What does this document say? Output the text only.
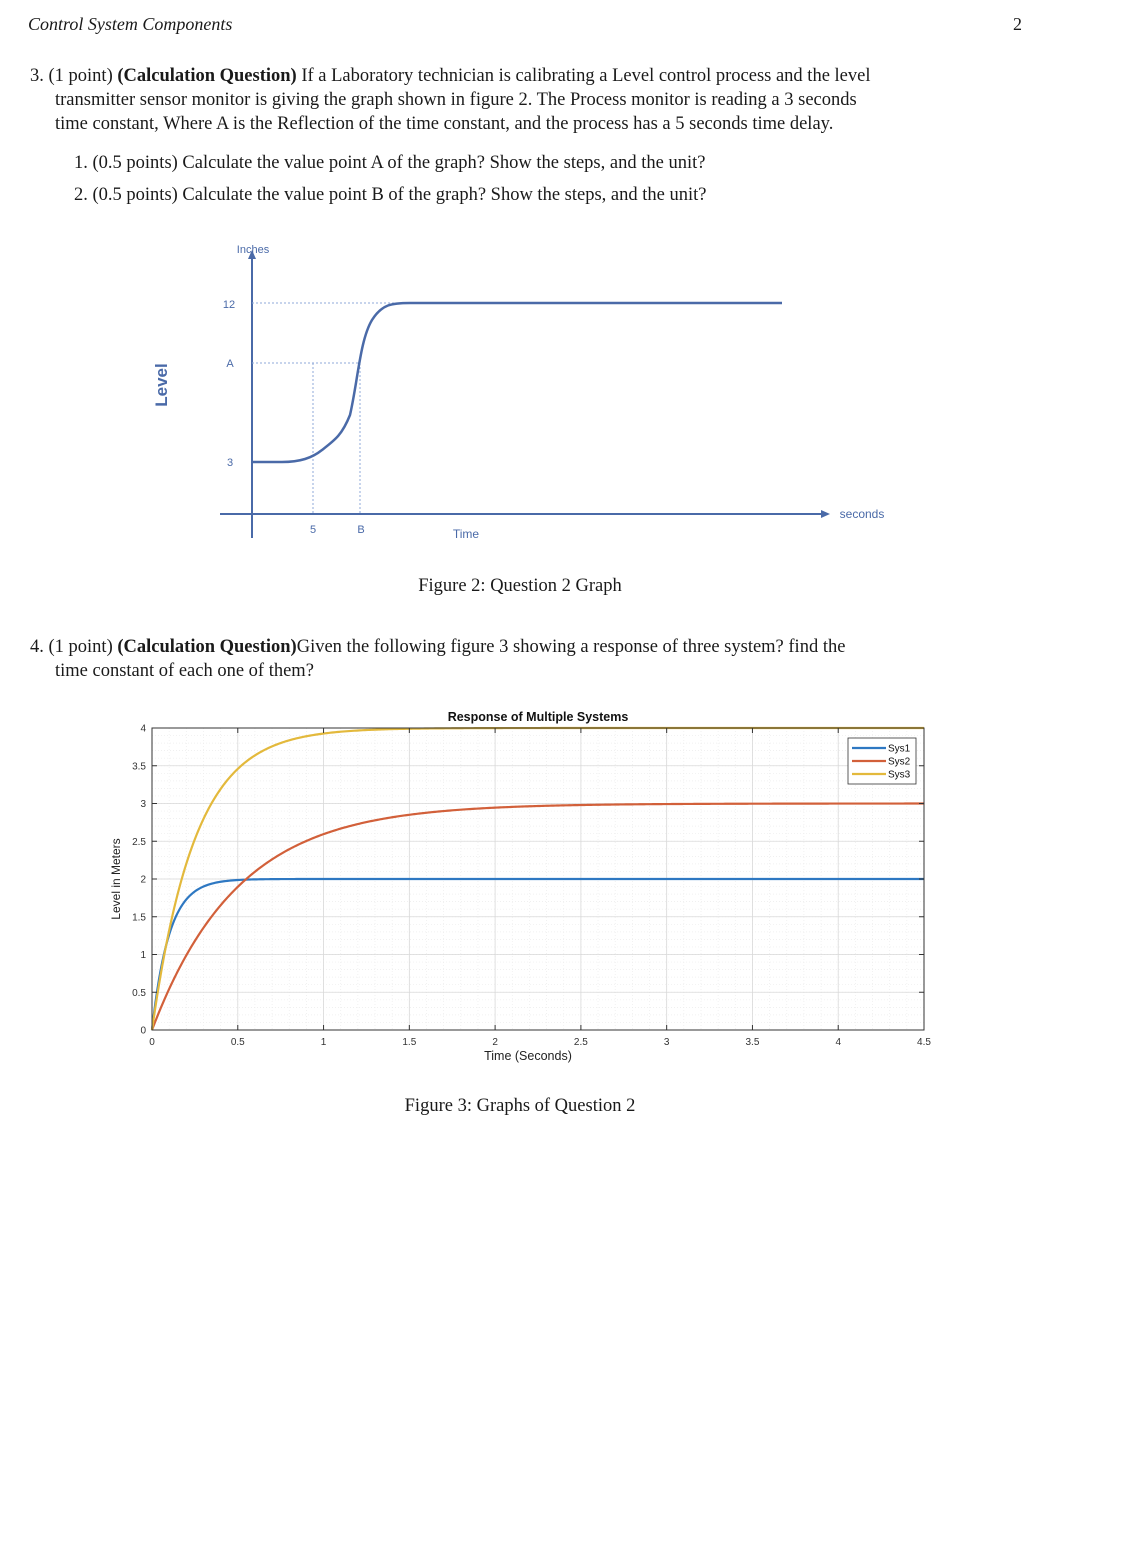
Control System Components	2
3. (1 point) (Calculation Question) If a Laboratory technician is calibrating a Level control process and the level
transmitter sensor monitor is giving the graph shown in figure 2. The Process monitor is reading a 3 seconds
time constant, Where A is the Reflection of the time constant, and the process has a 5 seconds time delay.
1. (0.5 points) Calculate the value point A of the graph? Show the steps, and the unit?
2. (0.5 points) Calculate the value point B of the graph? Show the steps, and the unit?
Inches
Level
12
A
3
5	B	Time
seconds
Figure 2: Question 2 Graph
4. (1 point) (Calculation Question)Given the following figure 3 showing a response of three system? find the
time constant of each one of them?
0	0.5	1	1.5	2	2.5	3	3.5	4	4.5
0
0.5
1
1.5
2
2.5
3
3.5
4
Response of Multiple Systems
Time (Seconds)
Level in Meters
Sys1
Sys2
Sys3
Figure 3: Graphs of Question 2
